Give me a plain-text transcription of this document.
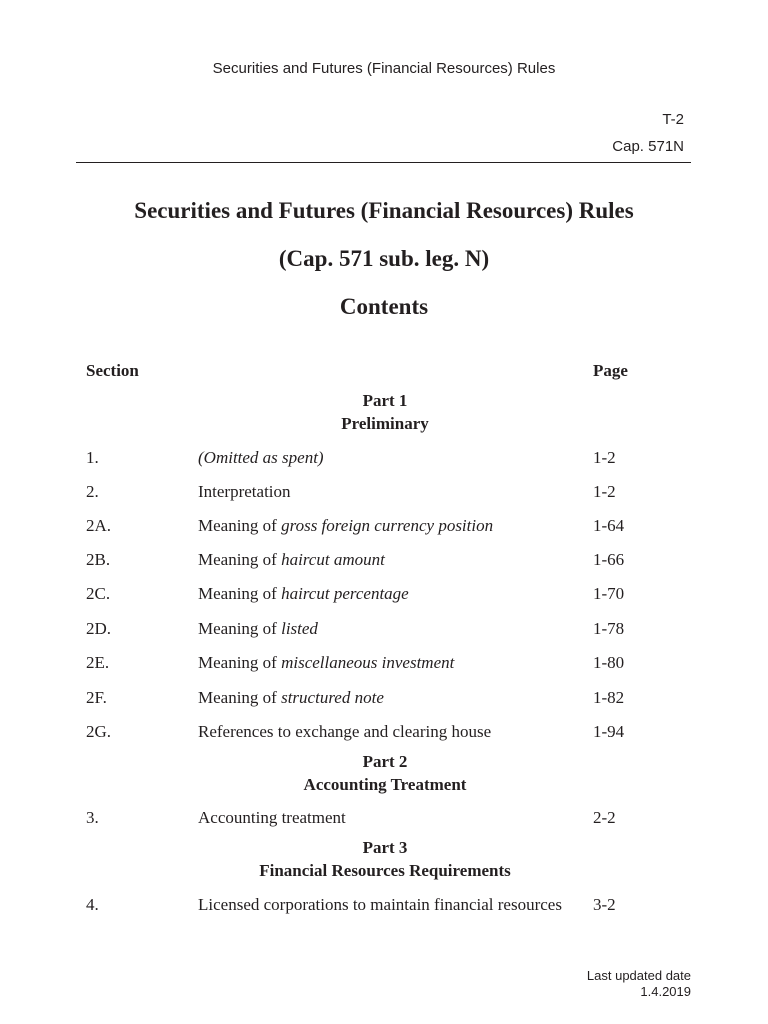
Securities and Futures (Financial Resources) Rules
T-2
Cap. 571N
Securities and Futures (Financial Resources) Rules
(Cap. 571 sub. leg. N)
Contents
Section	Page
Part 1
Preliminary
1.	(Omitted as spent)	1-2
2.	Interpretation	1-2
2A.	Meaning of gross foreign currency position	1-64
2B.	Meaning of haircut amount	1-66
2C.	Meaning of haircut percentage	1-70
2D.	Meaning of listed	1-78
2E.	Meaning of miscellaneous investment	1-80
2F.	Meaning of structured note	1-82
2G.	References to exchange and clearing house	1-94
Part 2
Accounting Treatment
3.	Accounting treatment	2-2
Part 3
Financial Resources Requirements
4.	Licensed corporations to maintain financial resources	3-2
Last updated date
1.4.2019
